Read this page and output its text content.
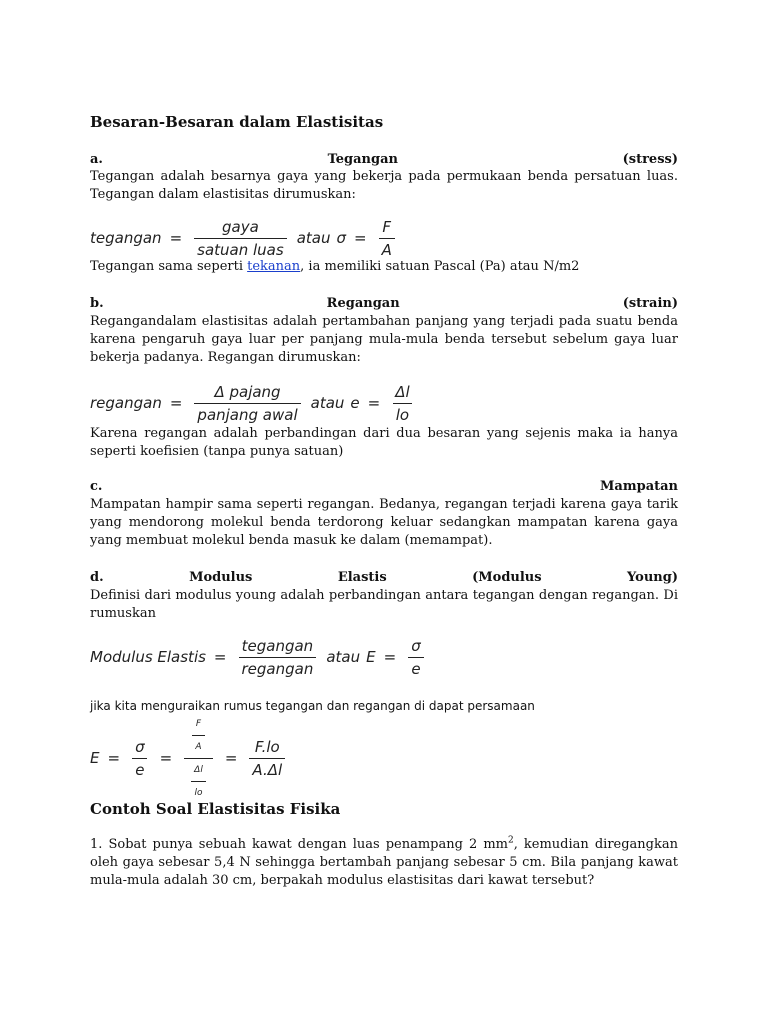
Besaran-Besaran dalam Elastisitas
a.	Tegangan	(stress)
Tegangan adalah besarnya gaya yang bekerja pada permukaan benda persatuan luas. Tegangan dalam elastisitas dirumuskan:
tegangan = $\frac{\text{gaya}}{\text{satuan luas}}$ atau $\sigma = \frac{F}{A}$
Tegangan sama seperti tekanan, ia memiliki satuan Pascal (Pa) atau N/m2
b.	Regangan	(strain)
Regangandalam elastisitas adalah pertambahan panjang yang terjadi pada suatu benda karena pengaruh gaya luar per panjang mula-mula benda tersebut sebelum gaya luar bekerja padanya. Regangan dirumuskan:
regangan = $\frac{\text{Δ pajang}}{\text{panjang awal}}$ atau $e = \frac{\Delta l}{lo}$
Karena regangan adalah perbandingan dari dua besaran yang sejenis maka ia hanya seperti koefisien (tanpa punya satuan)
c.	Mampatan
Mampatan hampir sama seperti regangan. Bedanya, regangan terjadi karena gaya tarik yang mendorong molekul benda terdorong keluar sedangkan mampatan karena gaya yang membuat molekul benda masuk ke dalam (memampat).
d.	Modulus	Elastis	(Modulus	Young)
Definisi dari modulus young adalah perbandingan antara tegangan dengan regangan. Di rumuskan
Modulus Elastis = $\frac{\text{tegangan}}{\text{regangan}}$ atau $E = \frac{\sigma}{e}$
jika kita menguraikan rumus tegangan dan regangan di dapat persamaan
$E = \frac{\sigma}{e} = \frac{\frac{F}{A}}{\frac{\Delta l}{lo}} = \frac{F.lo}{A.\Delta l}$
Contoh Soal Elastisitas Fisika
1. Sobat punya sebuah kawat dengan luas penampang 2 $mm^2$, kemudian diregangkan oleh gaya sebesar 5,4 N sehingga bertambah panjang sebesar 5 cm. Bila panjang kawat mula-mula adalah 30 cm, berpakah modulus elastisitas dari kawat tersebut?
